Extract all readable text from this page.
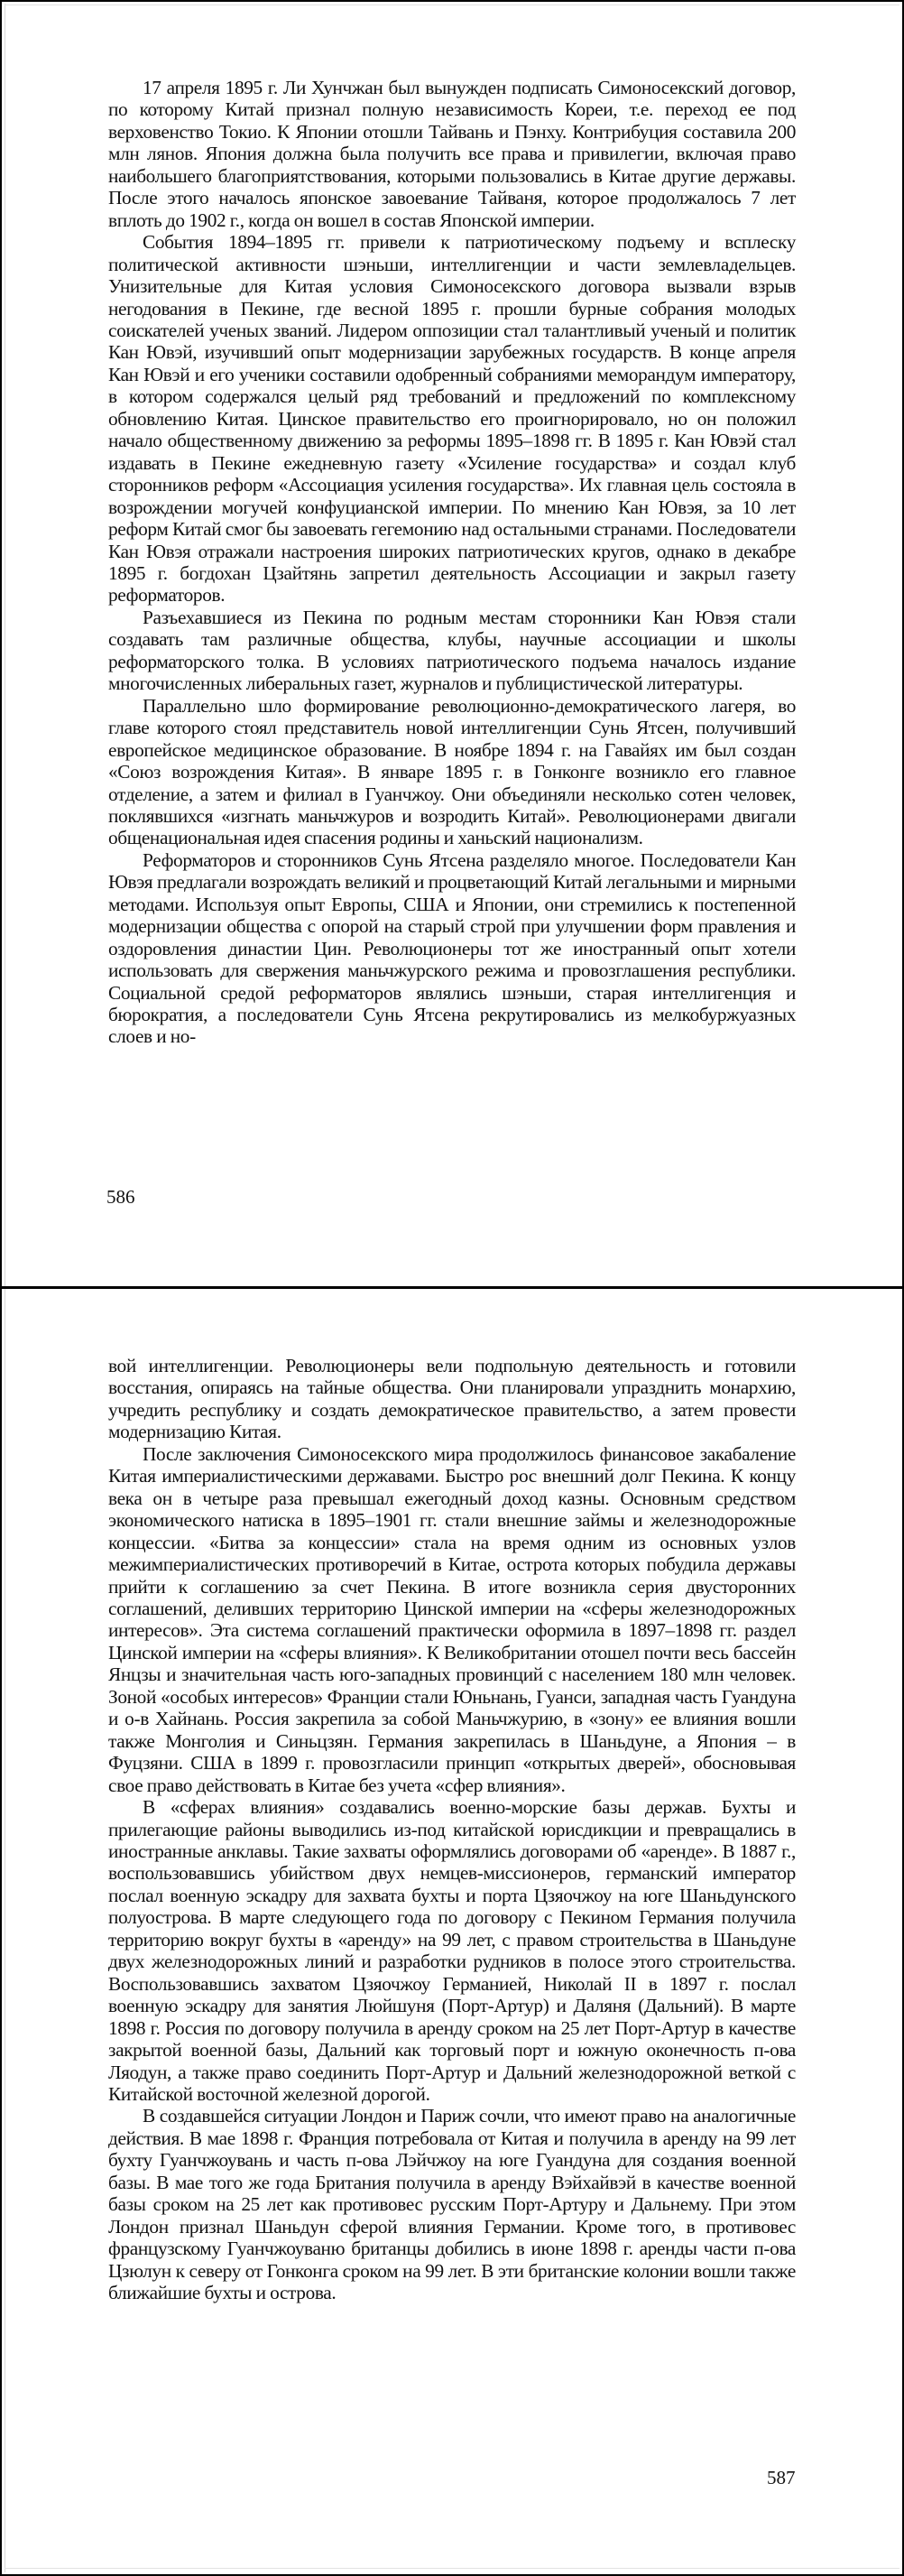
17 апреля 1895 г. Ли Хунчжан был вынужден подписать Симоносекский договор, по которому Китай признал полную независимость Кореи, т.е. переход ее под верховенство Токио. К Японии отошли Тайвань и Пэнху. Контрибуция составила 200 млн лянов. Япония должна была получить все права и привилегии, включая право наибольшего благоприятствования, которыми пользовались в Китае другие державы. После этого началось японское завоевание Тайваня, которое продолжалось 7 лет вплоть до 1902 г., когда он вошел в состав Японской империи.

События 1894–1895 гг. привели к патриотическому подъему и всплеску политической активности шэньши, интеллигенции и части землевладельцев. Унизительные для Китая условия Симоносекского договора вызвали взрыв негодования в Пекине, где весной 1895 г. прошли бурные собрания молодых соискателей ученых званий. Лидером оппозиции стал талантливый ученый и политик Кан Ювэй, изучивший опыт модернизации зарубежных государств. В конце апреля Кан Ювэй и его ученики составили одобренный собраниями меморандум императору, в котором содержался целый ряд требований и предложений по комплексному обновлению Китая. Цинское правительство его проигнорировало, но он положил начало общественному движению за реформы 1895–1898 гг. В 1895 г. Кан Ювэй стал издавать в Пекине ежедневную газету «Усиление государства» и создал клуб сторонников реформ «Ассоциация усиления государства». Их главная цель состояла в возрождении могучей конфуцианской империи. По мнению Кан Ювэя, за 10 лет реформ Китай смог бы завоевать гегемонию над остальными странами. Последователи Кан Ювэя отражали настроения широких патриотических кругов, однако в декабре 1895 г. богдохан Цзайтянь запретил деятельность Ассоциации и закрыл газету реформаторов.

Разъехавшиеся из Пекина по родным местам сторонники Кан Ювэя стали создавать там различные общества, клубы, научные ассоциации и школы реформаторского толка. В условиях патриотического подъема началось издание многочисленных либеральных газет, журналов и публицистической литературы.

Параллельно шло формирование революционно-демократического лагеря, во главе которого стоял представитель новой интеллигенции Сунь Ятсен, получивший европейское медицинское образование. В ноябре 1894 г. на Гавайях им был создан «Союз возрождения Китая». В январе 1895 г. в Гонконге возникло его главное отделение, а затем и филиал в Гуанчжоу. Они объединяли несколько сотен человек, поклявшихся «изгнать маньчжуров и возродить Китай». Революционерами двигали общенациональная идея спасения родины и ханьский национализм.

Реформаторов и сторонников Сунь Ятсена разделяло многое. Последователи Кан Ювэя предлагали возрождать великий и процветающий Китай легальными и мирными методами. Используя опыт Европы, США и Японии, они стремились к постепенной модернизации общества с опорой на старый строй при улучшении форм правления и оздоровления династии Цин. Революционеры тот же иностранный опыт хотели использовать для свержения маньчжурского режима и провозглашения республики. Социальной средой реформаторов являлись шэньши, старая интеллигенция и бюрократия, а последователи Сунь Ятсена рекрутировались из мелкобуржуазных слоев и но-

586

вой интеллигенции. Революционеры вели подпольную деятельность и готовили восстания, опираясь на тайные общества. Они планировали упразднить монархию, учредить республику и создать демократическое правительство, а затем провести модернизацию Китая.

После заключения Симоносекского мира продолжилось финансовое закабаление Китая империалистическими державами. Быстро рос внешний долг Пекина. К концу века он в четыре раза превышал ежегодный доход казны. Основным средством экономического натиска в 1895–1901 гг. стали внешние займы и железнодорожные концессии. «Битва за концессии» стала на время одним из основных узлов межимпериалистических противоречий в Китае, острота которых побудила державы прийти к соглашению за счет Пекина. В итоге возникла серия двусторонних соглашений, деливших территорию Цинской империи на «сферы железнодорожных интересов». Эта система соглашений практически оформила в 1897–1898 гг. раздел Цинской империи на «сферы влияния». К Великобритании отошел почти весь бассейн Янцзы и значительная часть юго-западных провинций с населением 180 млн человек. Зоной «особых интересов» Франции стали Юньнань, Гуанси, западная часть Гуандуна и о-в Хайнань. Россия закрепила за собой Маньчжурию, в «зону» ее влияния вошли также Монголия и Синьцзян. Германия закрепилась в Шаньдуне, а Япония – в Фуцзяни. США в 1899 г. провозгласили принцип «открытых дверей», обосновывая свое право действовать в Китае без учета «сфер влияния».

В «сферах влияния» создавались военно-морские базы держав. Бухты и прилегающие районы выводились из-под китайской юрисдикции и превращались в иностранные анклавы. Такие захваты оформлялись договорами об «аренде». В 1887 г., воспользовавшись убийством двух немцев-миссионеров, германский император послал военную эскадру для захвата бухты и порта Цзяочжоу на юге Шаньдунского полуострова. В марте следующего года по договору с Пекином Германия получила территорию вокруг бухты в «аренду» на 99 лет, с правом строительства в Шаньдуне двух железнодорожных линий и разработки рудников в полосе этого строительства. Воспользовавшись захватом Цзяочжоу Германией, Николай II в 1897 г. послал военную эскадру для занятия Люйшуня (Порт-Артур) и Даляня (Дальний). В марте 1898 г. Россия по договору получила в аренду сроком на 25 лет Порт-Артур в качестве закрытой военной базы, Дальний как торговый порт и южную оконечность п-ова Ляодун, а также право соединить Порт-Артур и Дальний железнодорожной веткой с Китайской восточной железной дорогой.

В создавшейся ситуации Лондон и Париж сочли, что имеют право на аналогичные действия. В мае 1898 г. Франция потребовала от Китая и получила в аренду на 99 лет бухту Гуанчжоувань и часть п-ова Лэйчжоу на юге Гуандуна для создания военной базы. В мае того же года Британия получила в аренду Вэйхайвэй в качестве военной базы сроком на 25 лет как противовес русским Порт-Артуру и Дальнему. При этом Лондон признал Шаньдун сферой влияния Германии. Кроме того, в противовес французскому Гуанчжоуваню британцы добились в июне 1898 г. аренды части п-ова Цзюлун к северу от Гонконга сроком на 99 лет. В эти британские колонии вошли также ближайшие бухты и острова.

587
